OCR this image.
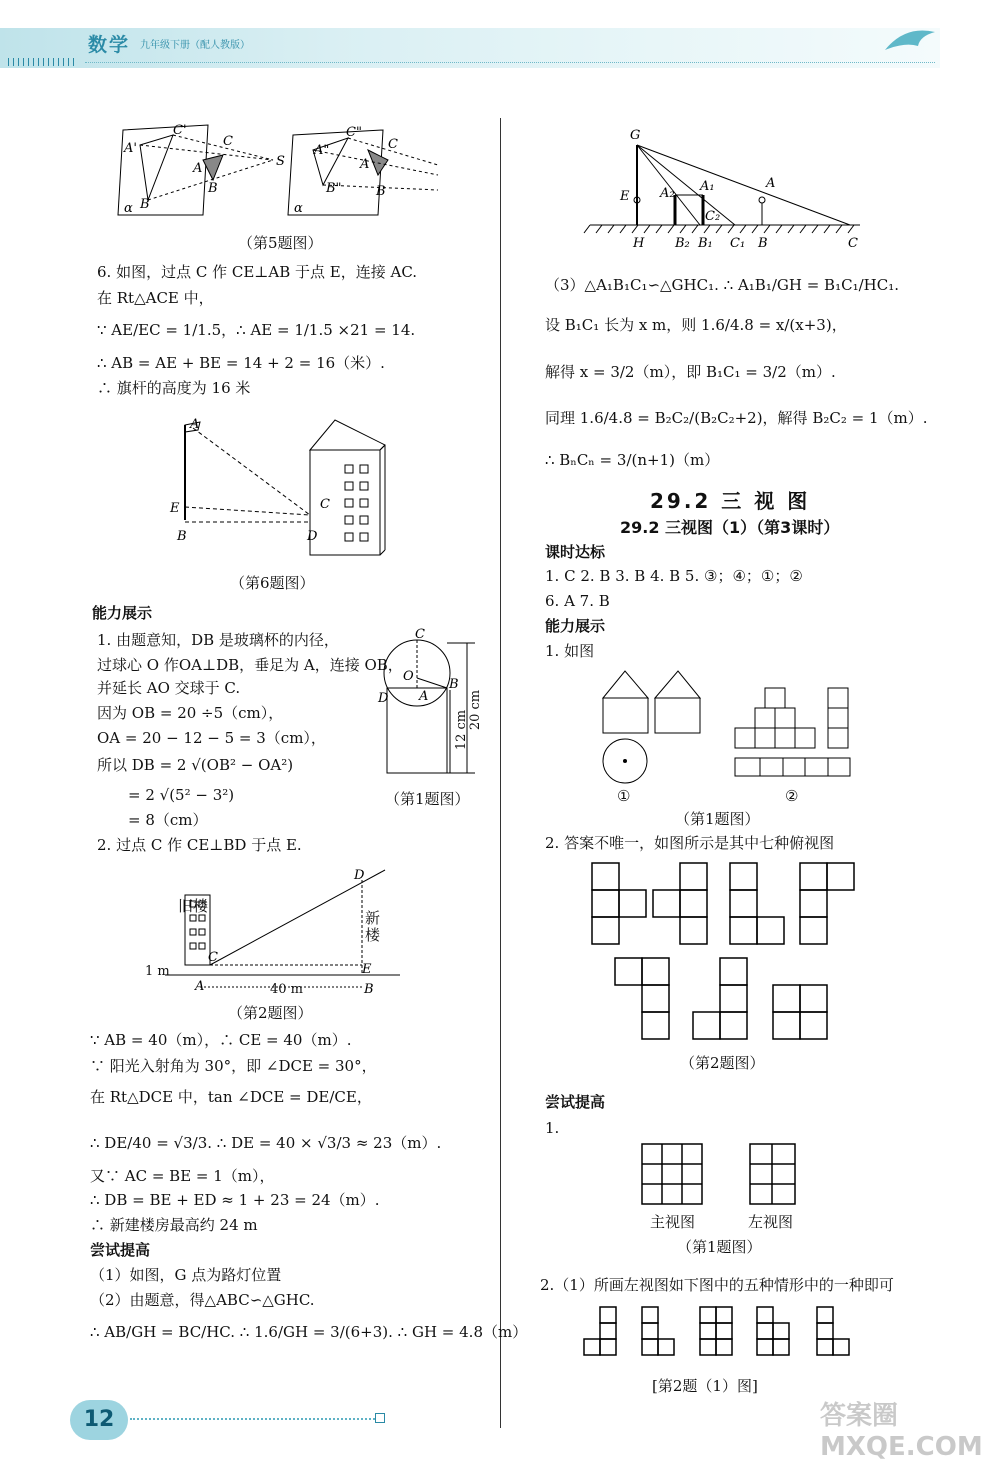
数学 九年级下册（配人教版）
A'
C'
B
C
A
B
S
α
A"
C"
B"
C
A
B
α
（第5题图）
6. 如图，过点 C 作 CE⊥AB 于点 E，连接 AC.
在 Rt△ACE 中，
∵ AE/EC = 1/1.5，∴ AE = 1/1.5 ×21 = 14.
∴ AB = AE + BE = 14 + 2 = 16（米）.
∴ 旗杆的高度为 16 米
A
E
B
C
D
（第6题图）
能力展示
1. 由题意知，DB 是玻璃杯的内径，
过球心 O 作OA⊥DB，垂足为 A，连接 OB，
并延长 AO 交球于 C.
因为 OB = 20 ÷5（cm），
OA = 20 − 12 − 5 = 3（cm），
所以 DB = 2 √(OB² − OA²)
= 2 √(5² − 3²)
= 8（cm）
C
O
A
B
D
12 cm 20 cm
（第1题图）
2. 过点 C 作 CE⊥BD 于点 E.
C
A
D
E
B
旧楼
新楼
1 m
40 m
（第2题图）
∵ AB = 40（m），∴ CE = 40（m）.
∵ 阳光入射角为 30°，即 ∠DCE = 30°，
在 Rt△DCE 中，tan ∠DCE = DE/CE，
∴ DE/40 = √3/3. ∴ DE = 40 × √3/3 ≈ 23（m）.
又∵ AC = BE = 1（m），
∴ DB = BE + ED ≈ 1 + 23 = 24（m）.
∴ 新建楼房最高约 24 m
尝试提高
（1）如图，G 点为路灯位置
（2）由题意，得△ABC∽△GHC.
∴ AB/GH = BC/HC. ∴ 1.6/GH = 3/(6+3). ∴ GH = 4.8（m）
G
E A₂ A₁
C₂
A
H B₂ B₁ C₁ B	C
（3）△A₁B₁C₁∽△GHC₁. ∴ A₁B₁/GH = B₁C₁/HC₁.
设 B₁C₁ 长为 x m，则 1.6/4.8 = x/(x+3)，
解得 x = 3/2（m），即 B₁C₁ = 3/2（m）.
同理 1.6/4.8 = B₂C₂/(B₂C₂+2)，解得 B₂C₂ = 1（m）.
∴ BₙCₙ = 3/(n+1)（m）
29.2 三 视 图
29.2 三视图（1）（第3课时）
课时达标
1. C 2. B 3. B 4. B 5. ③；④；①；②
6. A 7. B
能力展示
1. 如图
①	②
（第1题图）
2. 答案不唯一，如图所示是其中七种俯视图
（第2题图）
尝试提高
1.
主视图	左视图
（第1题图）
2.（1）所画左视图如下图中的五种情形中的一种即可
[第2题（1）图]
12	答案圈 MXQE.COM
